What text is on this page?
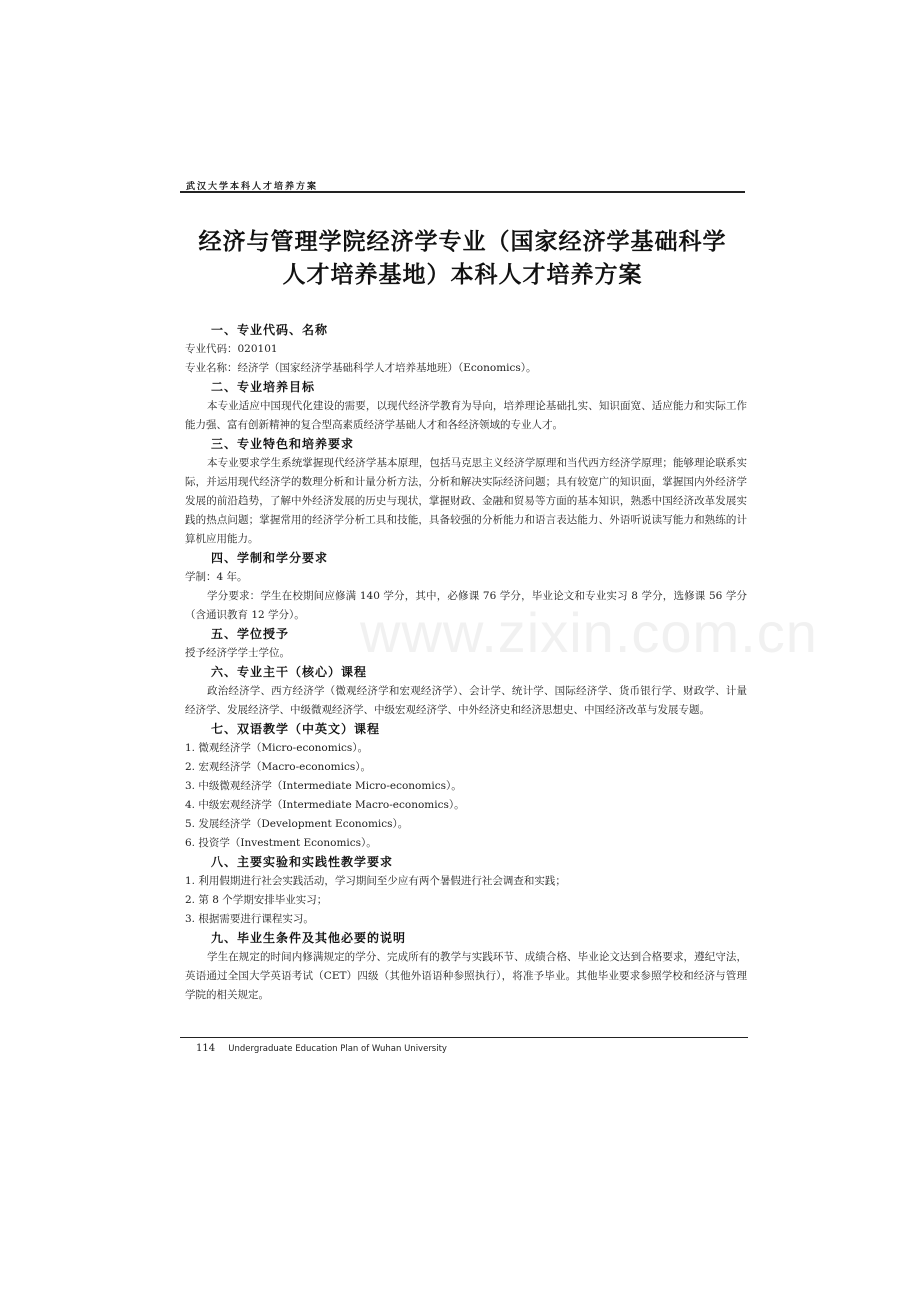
武汉大学本科人才培养方案
经济与管理学院经济学专业（国家经济学基础科学
人才培养基地）本科人才培养方案
www.zixin.com.cn
一、专业代码、名称
专业代码：020101
专业名称：经济学（国家经济学基础科学人才培养基地班）（Economics）。
二、专业培养目标
本专业适应中国现代化建设的需要，以现代经济学教育为导向，培养理论基础扎实、知识面宽、适应能力和实际工作能力强、富有创新精神的复合型高素质经济学基础人才和各经济领域的专业人才。
三、专业特色和培养要求
本专业要求学生系统掌握现代经济学基本原理，包括马克思主义经济学原理和当代西方经济学原理；能够理论联系实际，并运用现代经济学的数理分析和计量分析方法，分析和解决实际经济问题；具有较宽广的知识面，掌握国内外经济学发展的前沿趋势，了解中外经济发展的历史与现状，掌握财政、金融和贸易等方面的基本知识，熟悉中国经济改革发展实践的热点问题；掌握常用的经济学分析工具和技能，具备较强的分析能力和语言表达能力、外语听说读写能力和熟练的计算机应用能力。
四、学制和学分要求
学制：4 年。
学分要求：学生在校期间应修满 140 学分，其中，必修课 76 学分，毕业论文和专业实习 8 学分，选修课 56 学分（含通识教育 12 学分）。
五、学位授予
授予经济学学士学位。
六、专业主干（核心）课程
政治经济学、西方经济学（微观经济学和宏观经济学）、会计学、统计学、国际经济学、货币银行学、财政学、计量经济学、发展经济学、中级微观经济学、中级宏观经济学、中外经济史和经济思想史、中国经济改革与发展专题。
七、双语教学（中英文）课程
1. 微观经济学（Micro-economics）。
2. 宏观经济学（Macro-economics）。
3. 中级微观经济学（Intermediate Micro-economics）。
4. 中级宏观经济学（Intermediate Macro-economics）。
5. 发展经济学（Development Economics）。
6. 投资学（Investment Economics）。
八、主要实验和实践性教学要求
1. 利用假期进行社会实践活动，学习期间至少应有两个暑假进行社会调查和实践；
2. 第 8 个学期安排毕业实习；
3. 根据需要进行课程实习。
九、毕业生条件及其他必要的说明
学生在规定的时间内修满规定的学分、完成所有的教学与实践环节、成绩合格、毕业论文达到合格要求，遵纪守法，英语通过全国大学英语考试（CET）四级（其他外语语种参照执行），将准予毕业。其他毕业要求参照学校和经济与管理学院的相关规定。
114 Undergraduate Education Plan of Wuhan University
